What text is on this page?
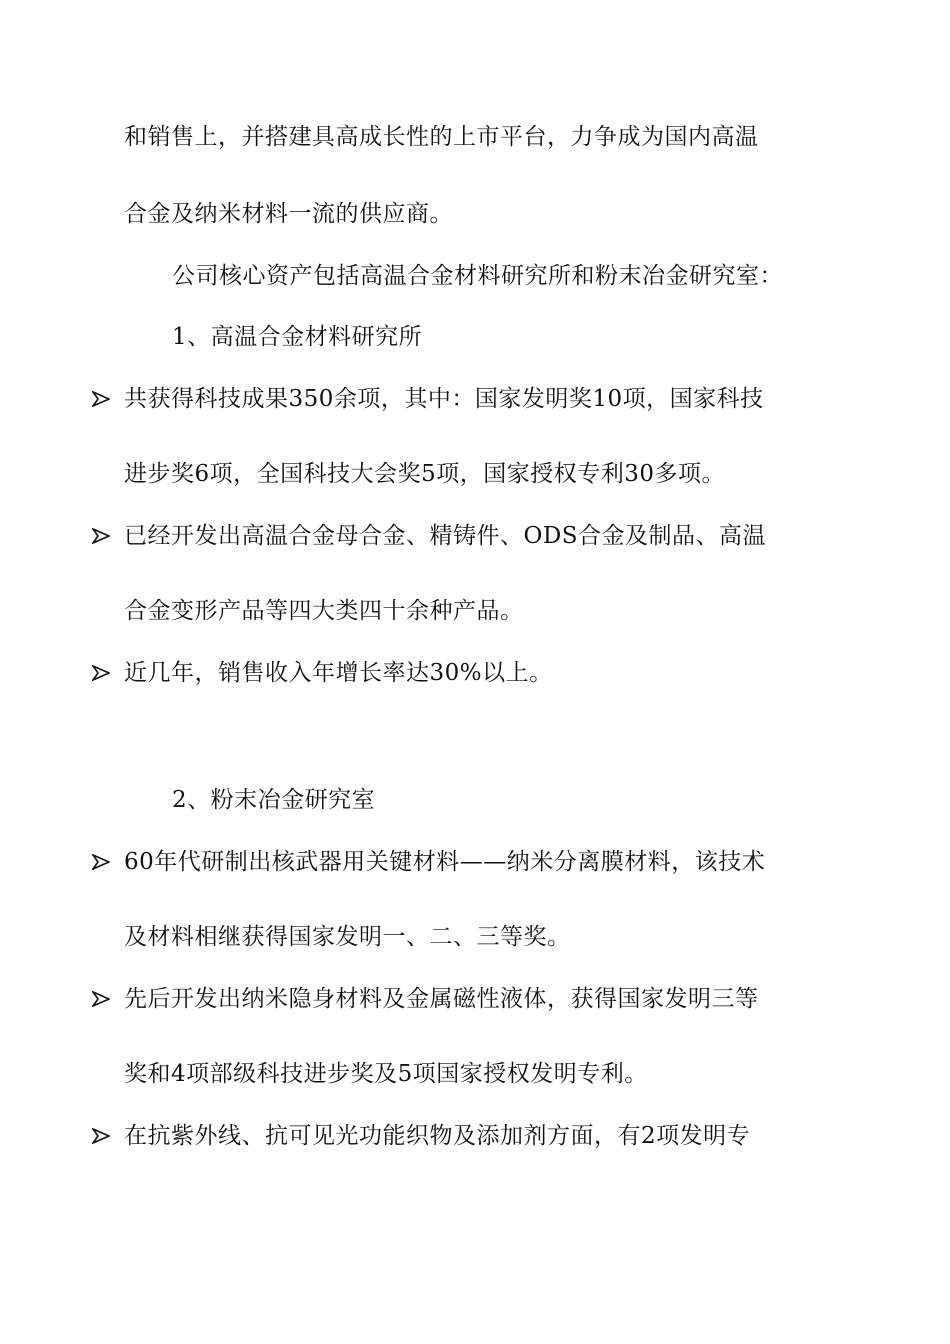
和销售上，并搭建具高成长性的上市平台，力争成为国内高温
合金及纳米材料一流的供应商。
公司核心资产包括高温合金材料研究所和粉末冶金研究室：
1、高温合金材料研究所
共获得科技成果350余项，其中：国家发明奖10项，国家科技
进步奖6项，全国科技大会奖5项，国家授权专利30多项。
已经开发出高温合金母合金、精铸件、ODS合金及制品、高温
合金变形产品等四大类四十余种产品。
近几年，销售收入年增长率达30%以上。
2、粉末冶金研究室
60年代研制出核武器用关键材料——纳米分离膜材料，该技术
及材料相继获得国家发明一、二、三等奖。
先后开发出纳米隐身材料及金属磁性液体，获得国家发明三等
奖和4项部级科技进步奖及5项国家授权发明专利。
在抗紫外线、抗可见光功能织物及添加剂方面，有2项发明专
